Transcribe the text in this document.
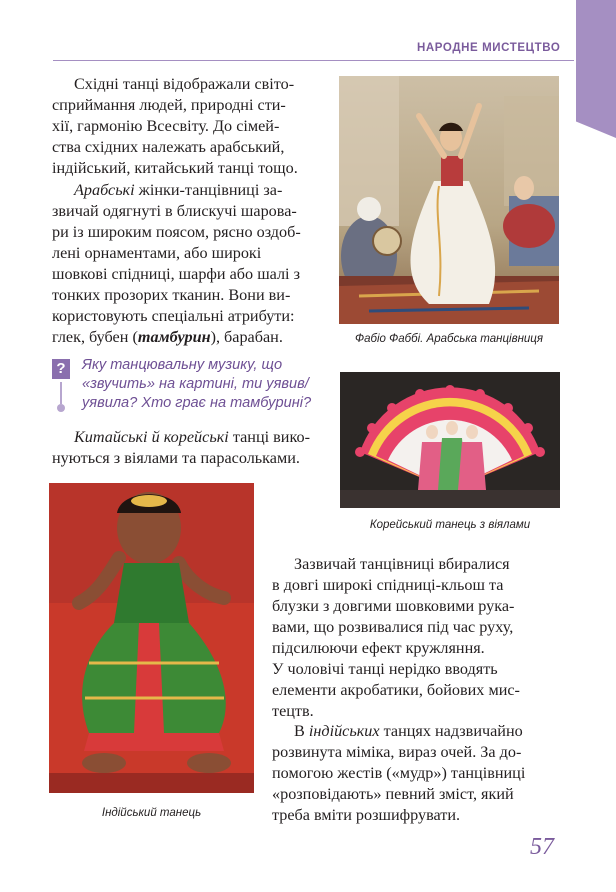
НАРОДНЕ МИСТЕЦТВО

Східні танці відображали світо-

сприймання людей, природні сти-

хії, гармонію Всесвіту. До сімей-

ства східних належать арабський,

індійський, китайський танці тощо.

Арабські жінки-танцівниці за-

звичай одягнуті в блискучі шарова-

ри із широким поясом, рясно оздоб-

лені орнаментами, або широкі

шовкові спідниці, шарфи або шалі з

тонких прозорих тканин. Вони ви-

користовують спеціальні атрибути:

глек, бубен (тамбурин), барабан.

?	Яку танцювальну музику, що

«звучить» на картині, ти уявив/

уявила? Хто грає на тамбурині?

Китайські й корейські танці вико-

нуються з віялами та парасольками.

Фабіо Фаббі. Арабська танцівниця
Корейський танець з віялами
Індійський танець

Зазвичай танцівниці вбиралися

в довгі широкі спідниці-кльош та

блузки з довгими шовковими рука-

вами, що розвивалися під час руху,

підсилюючи ефект кружляння.

У чоловічі танці нерідко вводять

елементи акробатики, бойових мис-

тецтв.

В індійських танцях надзвичайно

розвинута міміка, вираз очей. За до-

помогою жестів («мудр») танцівниці

«розповідають» певний зміст, який

треба вміти розшифрувати.

57
